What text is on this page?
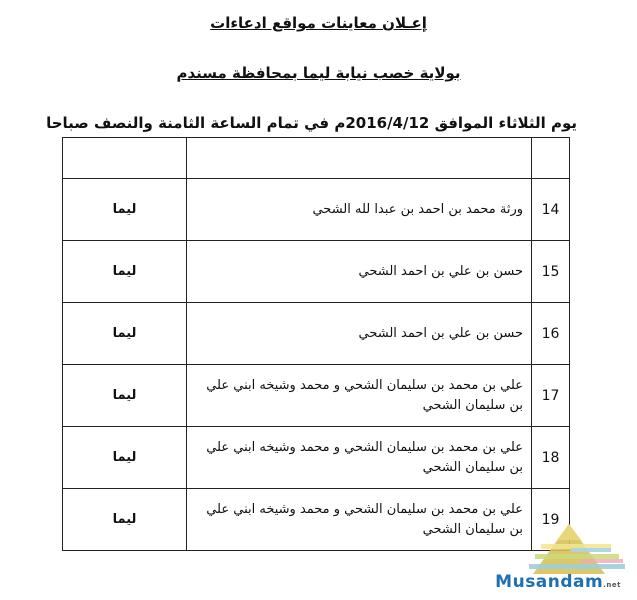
إعـلان معاينات مواقع ادعاءات
بولاية خصب نيابة ليما بمحافظة مسندم
يوم الثلاثاء الموافق 2016/4/12م في تمام الساعة الثامنة والنصف صباحا

14	ورثة محمد بن احمد بن عبدا لله الشحي	ليما
15	حسن بن علي بن احمد الشحي	ليما
16	حسن بن علي بن احمد الشحي	ليما
17	علي بن محمد بن سليمان الشحي و محمد وشيخه ابني علي بن سليمان الشحي	ليما
18	علي بن محمد بن سليمان الشحي و محمد وشيخه ابني علي بن سليمان الشحي	ليما
19	علي بن محمد بن سليمان الشحي و محمد وشيخه ابني علي بن سليمان الشحي	ليما
Musandam.net
